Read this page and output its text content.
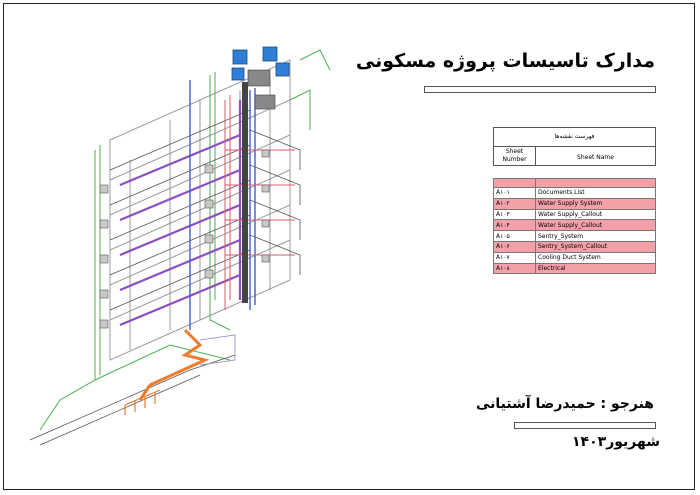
مدارک تاسیسات پروژه مسکونی
فهرست نقشه‌ها
Sheet Number	Sheet Name

A۱۰۱	Documents List
A۱۰۲	Water Supply System
A۱۰۳	Water Supply_Callout
A۱۰۴	Water Supply_Callout
A۱۰۵	Sentry_System
A۱۰۶	Sentry_System_Callout
A۱۰۷	Cooling Duct System
A۱۰۸	Electrical
هنرجو : حمیدرضا آشتیانی
شهریور۱۴۰۳
